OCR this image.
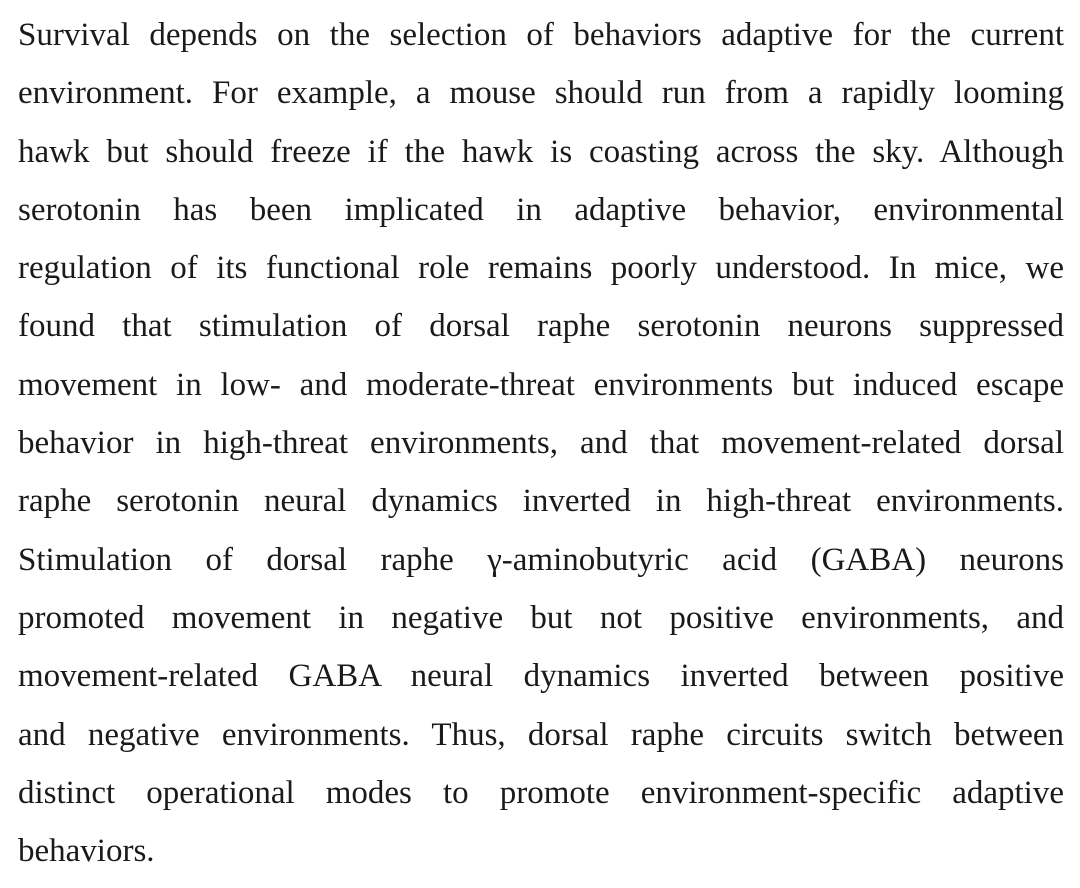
Survival depends on the selection of behaviors adaptive for the current
environment. For example, a mouse should run from a rapidly looming
hawk but should freeze if the hawk is coasting across the sky. Although
serotonin has been implicated in adaptive behavior, environmental
regulation of its functional role remains poorly understood. In mice, we
found that stimulation of dorsal raphe serotonin neurons suppressed
movement in low- and moderate-threat environments but induced escape
behavior in high-threat environments, and that movement-related dorsal
raphe serotonin neural dynamics inverted in high-threat environments.
Stimulation of dorsal raphe γ-aminobutyric acid (GABA) neurons
promoted movement in negative but not positive environments, and
movement-related GABA neural dynamics inverted between positive
and negative environments. Thus, dorsal raphe circuits switch between
distinct operational modes to promote environment-specific adaptive
behaviors.
